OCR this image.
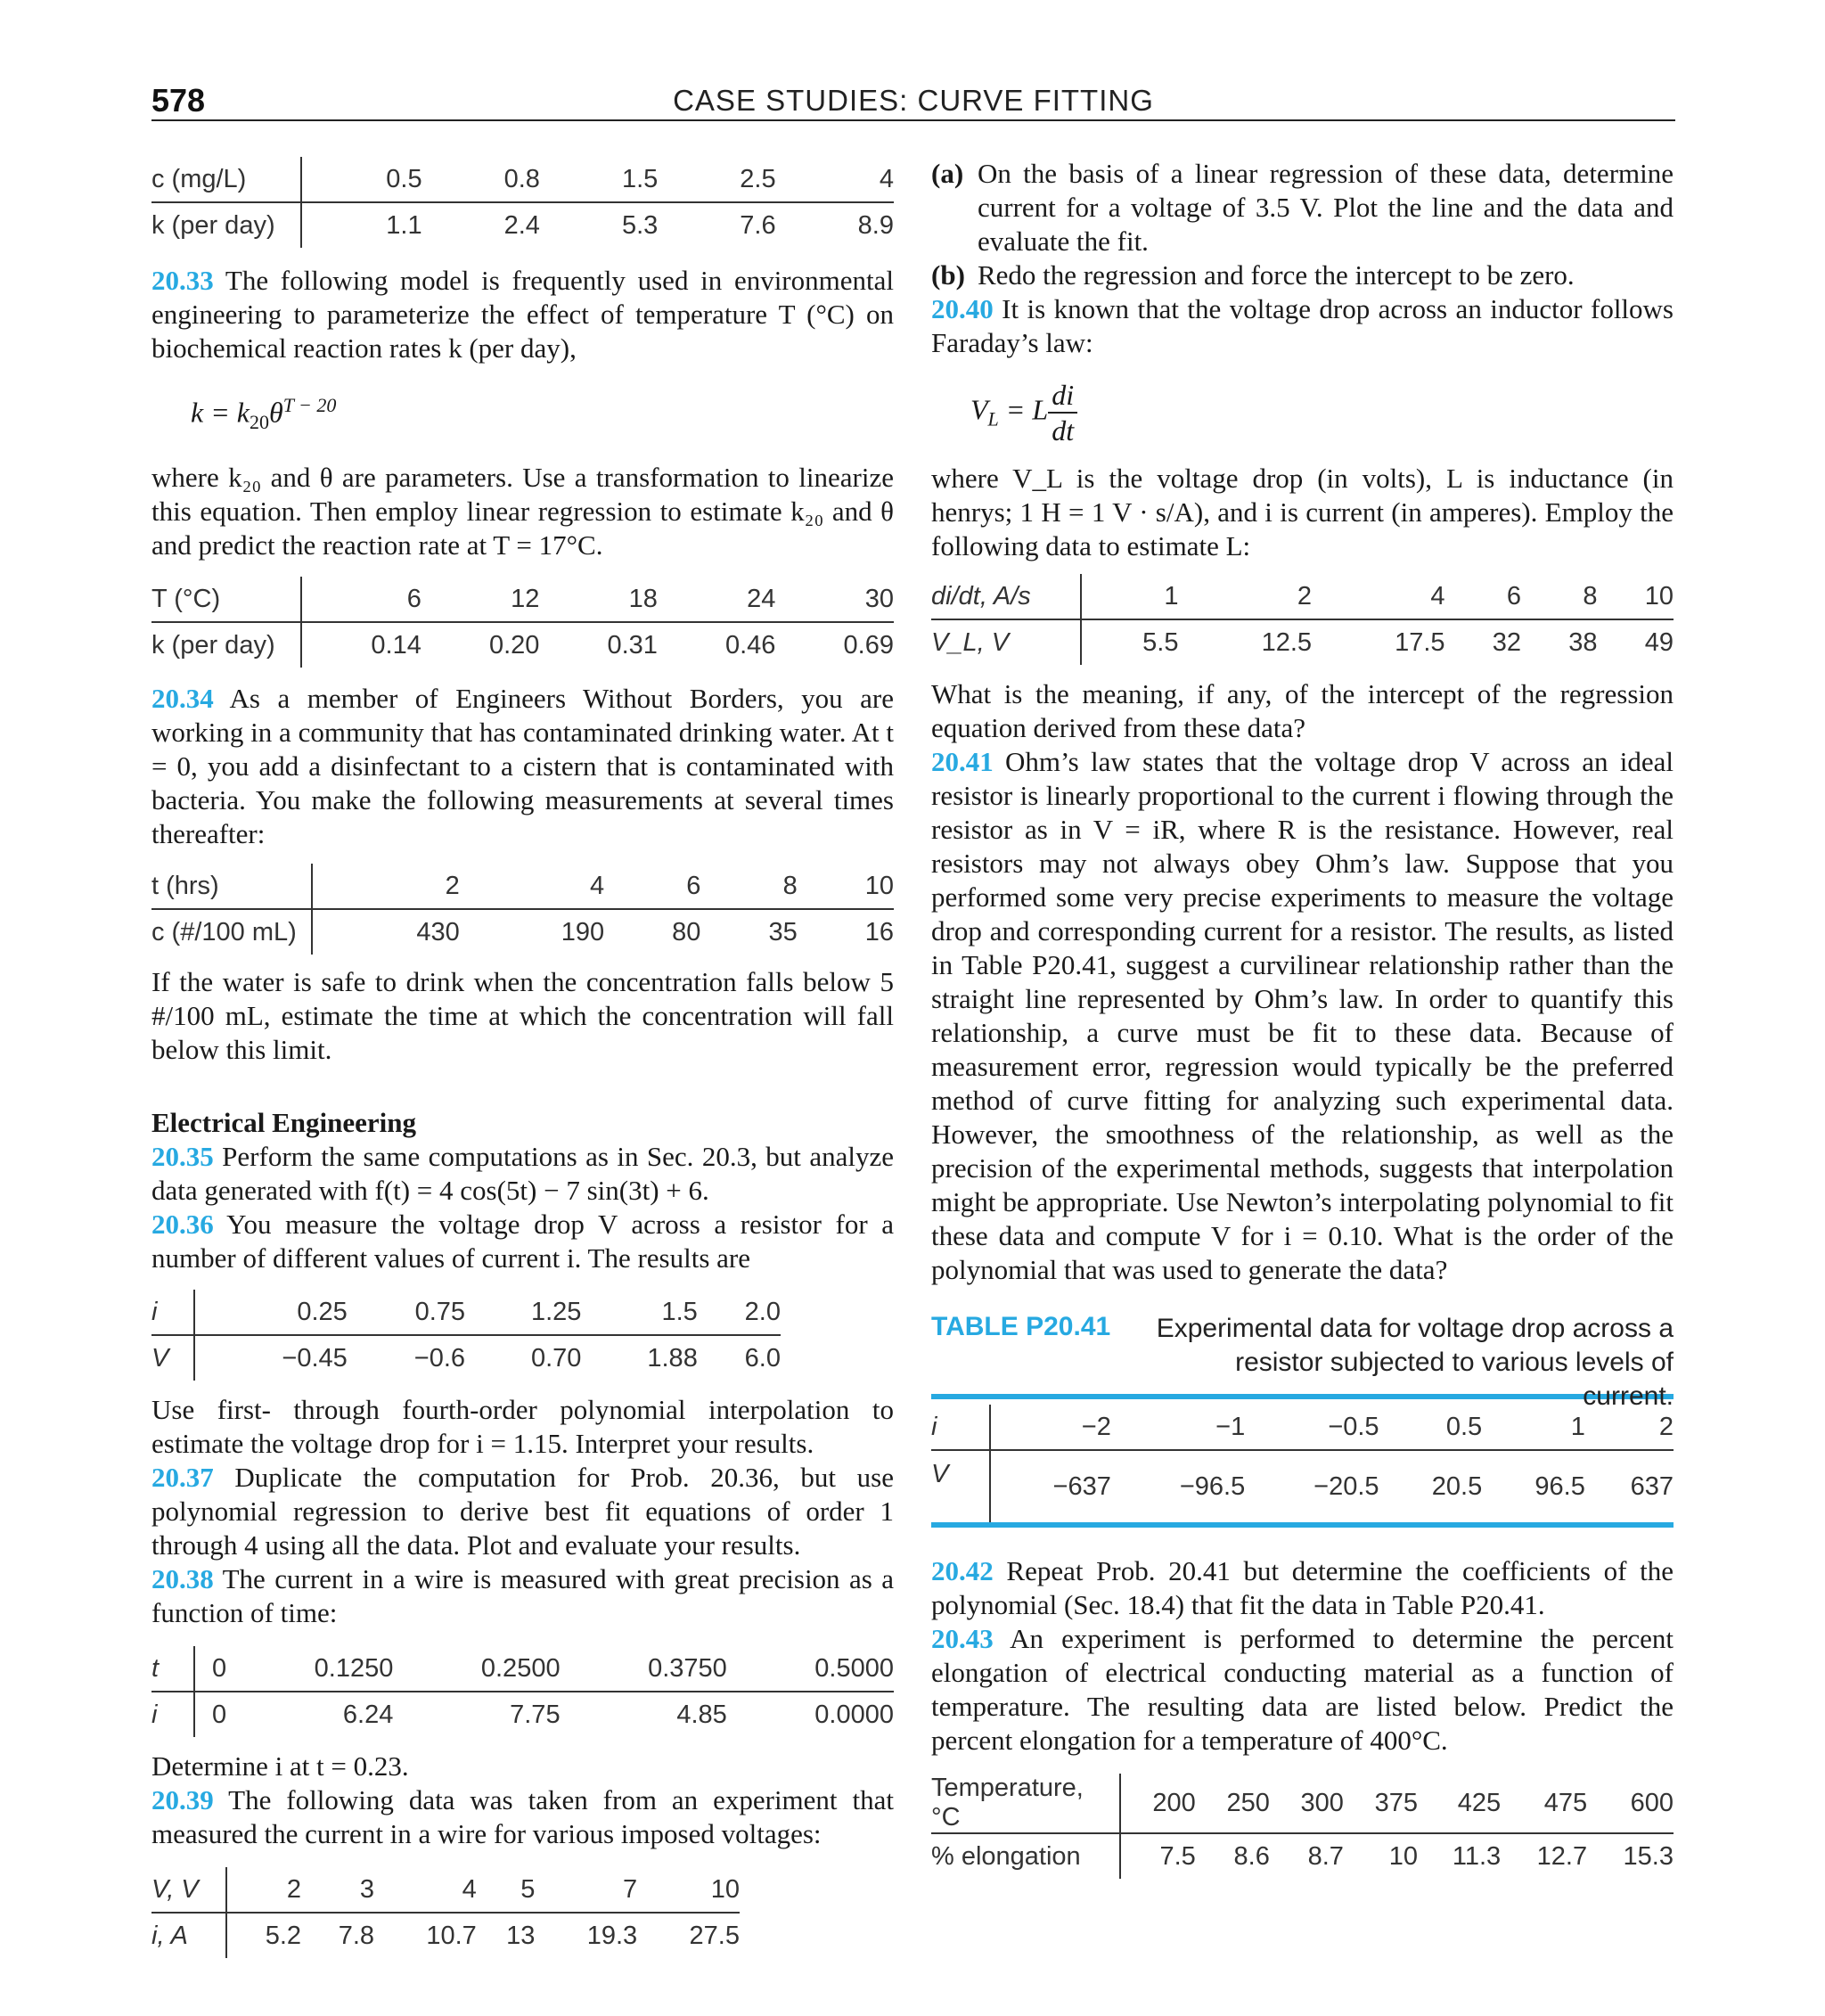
578	CASE STUDIES: CURVE FITTING
c (mg/L)	0.5	0.8	1.5	2.5	4
k (per day)	1.1	2.4	5.3	7.6	8.9

20.33 The following model is frequently used in environmental engineering to parameterize the effect of temperature T (°C) on biochemical reaction rates k (per day),

$k = k_{20}\theta^{T - 20}$

where k₂₀ and θ are parameters. Use a transformation to linearize this equation. Then employ linear regression to estimate k₂₀ and θ and predict the reaction rate at T = 17°C.

T (°C)	6	12	18	24	30
k (per day)	0.14	0.20	0.31	0.46	0.69

20.34 As a member of Engineers Without Borders, you are working in a community that has contaminated drinking water. At t = 0, you add a disinfectant to a cistern that is contaminated with bacteria. You make the following measurements at several times thereafter:

t (hrs)	2	4	6	8	10
c (#/100 mL)	430	190	80	35	16

If the water is safe to drink when the concentration falls below 5 #/100 mL, estimate the time at which the concentration will fall below this limit.

Electrical Engineering

20.35 Perform the same computations as in Sec. 20.3, but analyze data generated with f(t) = 4 cos(5t) − 7 sin(3t) + 6.

20.36 You measure the voltage drop V across a resistor for a number of different values of current i. The results are

i	0.25	0.75	1.25	1.5	2.0
V	−0.45	−0.6	0.70	1.88	6.0

Use first- through fourth-order polynomial interpolation to estimate the voltage drop for i = 1.15. Interpret your results.

20.37 Duplicate the computation for Prob. 20.36, but use polynomial regression to derive best fit equations of order 1 through 4 using all the data. Plot and evaluate your results.

20.38 The current in a wire is measured with great precision as a function of time:

t	0	0.1250	0.2500	0.3750	0.5000
i	0	6.24	7.75	4.85	0.0000

Determine i at t = 0.23.

20.39 The following data was taken from an experiment that measured the current in a wire for various imposed voltages:

V, V	2	3	4	5	7	10
i, A	5.2	7.8	10.7	13	19.3	27.5

(a) On the basis of a linear regression of these data, determine current for a voltage of 3.5 V. Plot the line and the data and evaluate the fit.

(b) Redo the regression and force the intercept to be zero.

20.40 It is known that the voltage drop across an inductor follows Faraday’s law:

$V_L = L \frac{di}{dt}$

where V_L is the voltage drop (in volts), L is inductance (in henrys; 1 H = 1 V · s/A), and i is current (in amperes). Employ the following data to estimate L:

di/dt, A/s	1	2	4	6	8	10
V_L, V	5.5	12.5	17.5	32	38	49

What is the meaning, if any, of the intercept of the regression equation derived from these data?

20.41 Ohm’s law states that the voltage drop V across an ideal resistor is linearly proportional to the current i flowing through the resistor as in V = iR, where R is the resistance. However, real resistors may not always obey Ohm’s law. Suppose that you performed some very precise experiments to measure the voltage drop and corresponding current for a resistor. The results, as listed in Table P20.41, suggest a curvilinear relationship rather than the straight line represented by Ohm’s law. In order to quantify this relationship, a curve must be fit to these data. Because of measurement error, regression would typically be the preferred method of curve fitting for analyzing such experimental data. However, the smoothness of the relationship, as well as the precision of the experimental methods, suggests that interpolation might be appropriate. Use Newton’s interpolating polynomial to fit these data and compute V for i = 0.10. What is the order of the polynomial that was used to generate the data?

TABLE P20.41	Experimental data for voltage drop across a resistor subjected to various levels of current.
i	−2	−1	−0.5	0.5	1	2
V	−637	−96.5	−20.5	20.5	96.5	637

20.42 Repeat Prob. 20.41 but determine the coefficients of the polynomial (Sec. 18.4) that fit the data in Table P20.41.

20.43 An experiment is performed to determine the percent elongation of electrical conducting material as a function of temperature. The resulting data are listed below. Predict the percent elongation for a temperature of 400°C.

Temperature, °C	200	250	300	375	425	475	600
% elongation	7.5	8.6	8.7	10	11.3	12.7	15.3
